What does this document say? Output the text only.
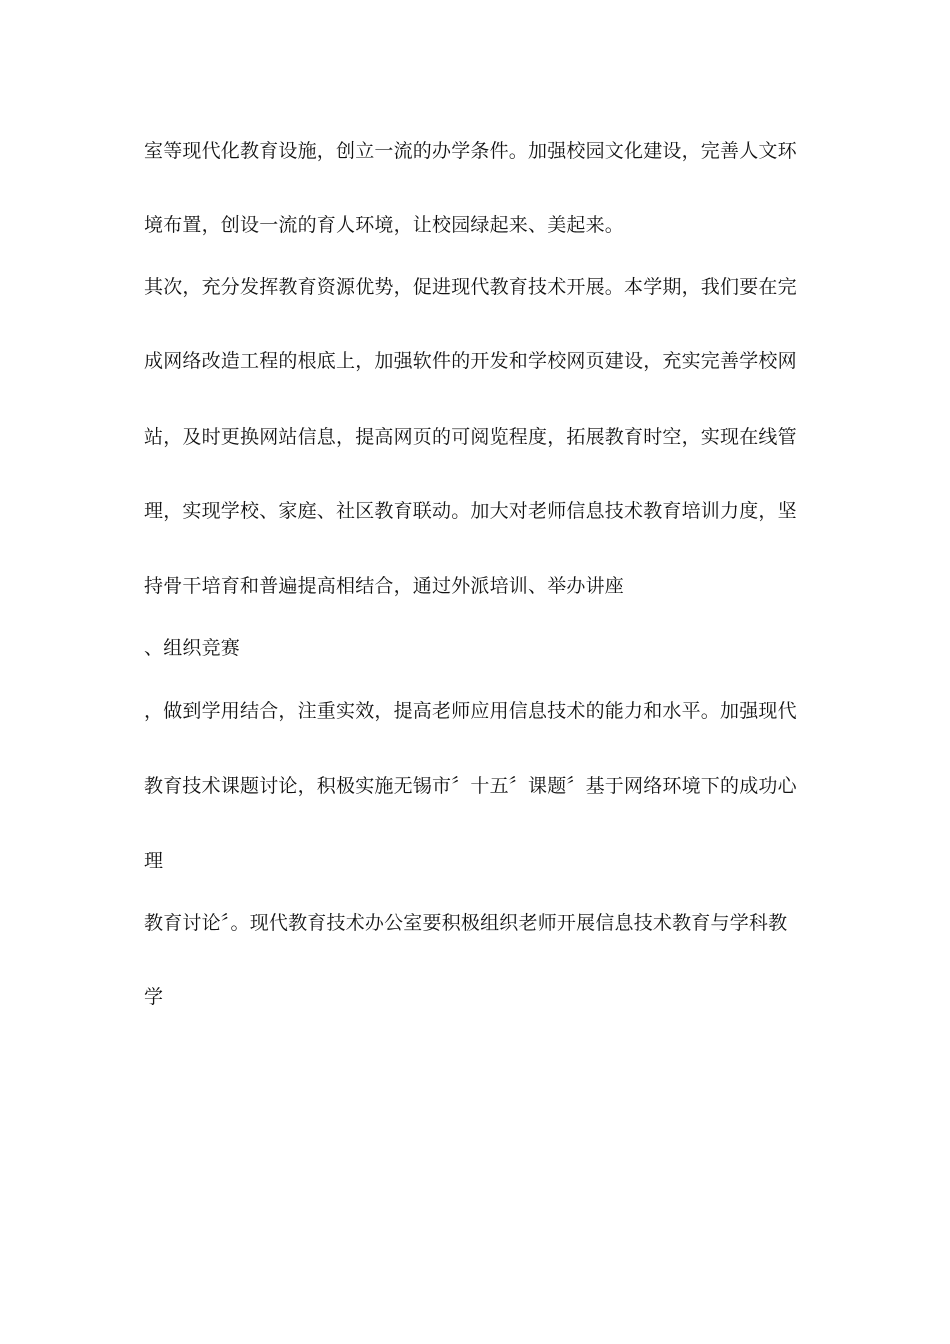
室等现代化教育设施，创立一流的办学条件。加强校园文化建设，完善人文环
境布置，创设一流的育人环境，让校园绿起来、美起来。
其次，充分发挥教育资源优势，促进现代教育技术开展。本学期，我们要在完
成网络改造工程的根底上，加强软件的开发和学校网页建设，充实完善学校网
站，及时更换网站信息，提高网页的可阅览程度，拓展教育时空，实现在线管
理，实现学校、家庭、社区教育联动。加大对老师信息技术教育培训力度，坚
持骨干培育和普遍提高相结合，通过外派培训、举办讲座
、组织竞赛
，做到学用结合，注重实效，提高老师应用信息技术的能力和水平。加强现代
教育技术课题讨论，积极实施无锡市〞十五〞课题〞基于网络环境下的成功心
理
教育讨论〞。现代教育技术办公室要积极组织老师开展信息技术教育与学科教
学
